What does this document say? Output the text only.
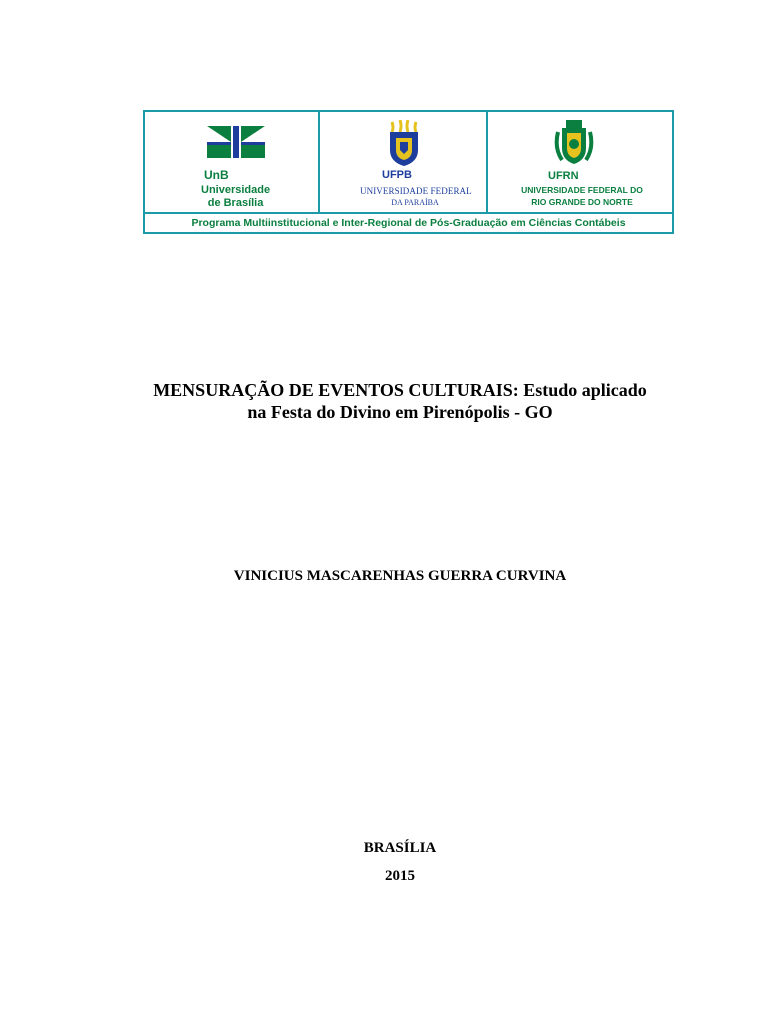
UnB
Universidade
de Brasília
UFPB
UNIVERSIDADE FEDERAL
DA PARAÍBA
UFRN
UNIVERSIDADE FEDERAL DO
RIO GRANDE DO NORTE
Programa Multiinstitucional e Inter-Regional de Pós-Graduação em Ciências Contábeis
MENSURAÇÃO DE EVENTOS CULTURAIS: Estudo aplicado
na Festa do Divino em Pirenópolis - GO
VINICIUS MASCARENHAS GUERRA CURVINA
BRASÍLIA
2015
